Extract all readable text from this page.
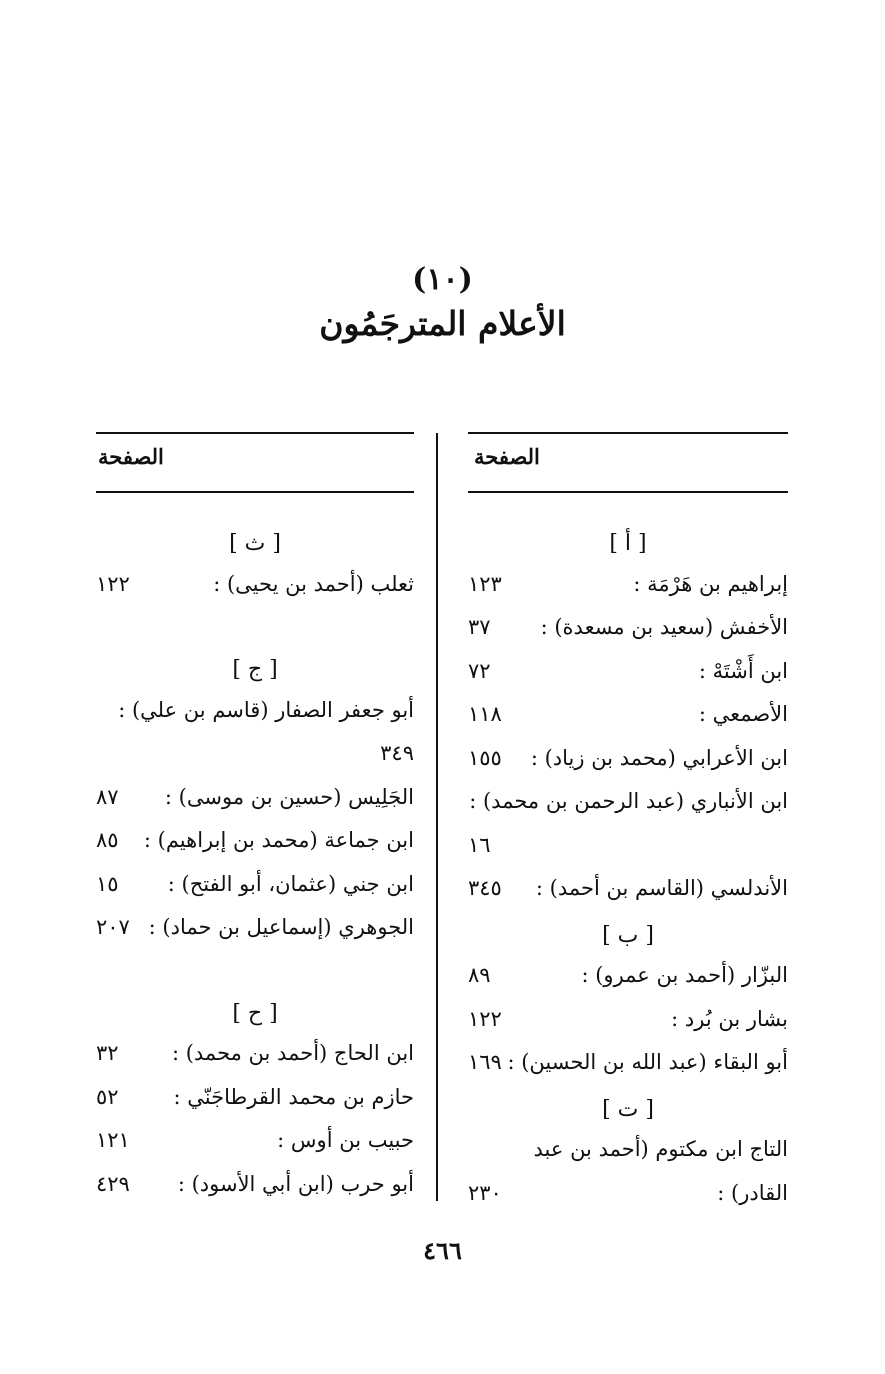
(١٠)
الأعلام المترجَمُون
الصفحة
[ أ ]
إبراهيم بن هَرْمَة :
١٢٣
الأخفش (سعيد بن مسعدة) :
٣٧
ابن أَشْتَهْ :
٧٢
الأصمعي :
١١٨
ابن الأعرابي (محمد بن زياد) :
١٥٥
ابن الأنباري (عبد الرحمن بن محمد) :
١٦
الأندلسي (القاسم بن أحمد) :
٣٤٥
[ ب ]
البزّار (أحمد بن عمرو) :
٨٩
بشار بن بُرد :
١٢٢
أبو البقاء (عبد الله بن الحسين) :
١٦٩
[ ت ]
التاج ابن مكتوم (أحمد بن عبد
القادر) :
٢٣٠
الصفحة
[ ث ]
ثعلب (أحمد بن يحيى) :
١٢٢
[ ج ]
أبو جعفر الصفار (قاسم بن علي) :
٣٤٩
الجَلِيس (حسين بن موسى) :
٨٧
ابن جماعة (محمد بن إبراهيم) :
٨٥
ابن جني (عثمان، أبو الفتح) :
١٥
الجوهري (إسماعيل بن حماد) :
٢٠٧
[ ح ]
ابن الحاج (أحمد بن محمد) :
٣٢
حازم بن محمد القرطاجَنّي :
٥٢
حبيب بن أوس :
١٢١
أبو حرب (ابن أبي الأسود) :
٤٢٩
٤٦٦
